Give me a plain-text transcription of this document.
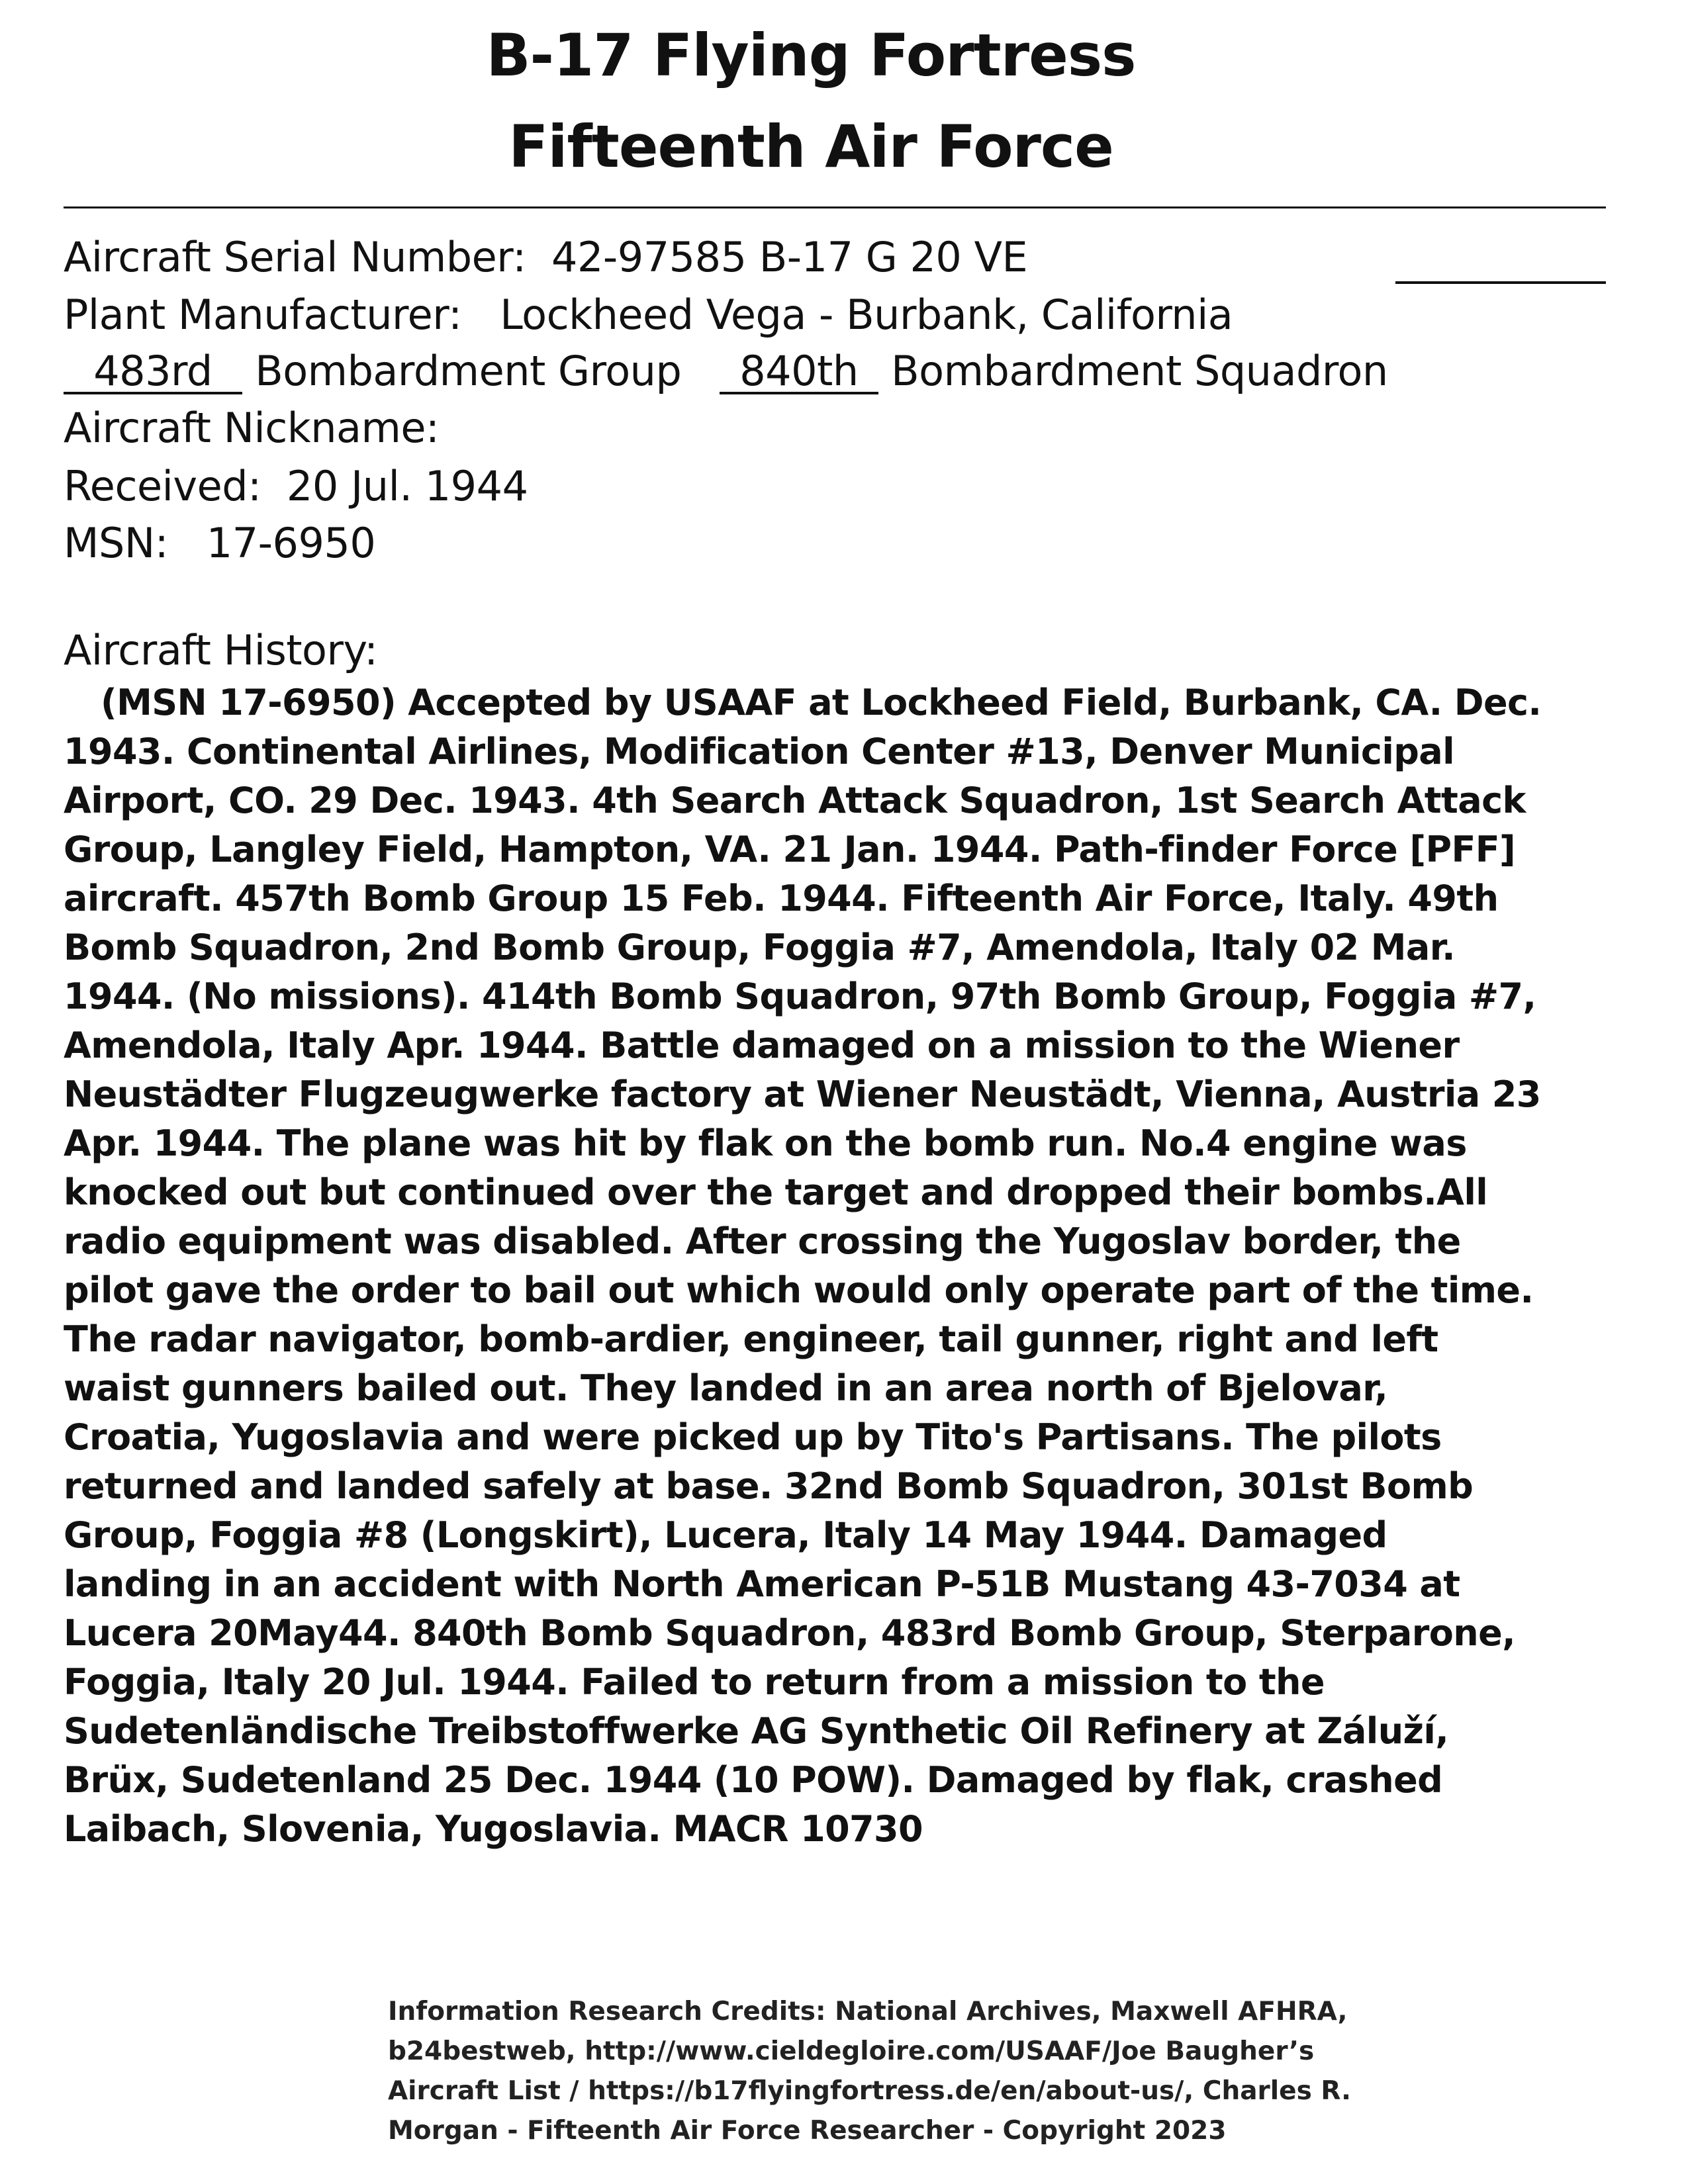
B-17 Flying Fortress
Fifteenth Air Force
Aircraft Serial Number: 42-97585 B-17 G 20 VE
Plant Manufacturer: Lockheed Vega - Burbank, California
483rd Bombardment Group 840th Bombardment Squadron
Aircraft Nickname:
Received: 20 Jul. 1944
MSN: 17-6950
Aircraft History:

(MSN 17-6950) Accepted by USAAF at Lockheed Field, Burbank, CA. Dec. 1943. Continental Airlines, Modification Center #13, Denver Municipal Airport, CO. 29 Dec. 1943. 4th Search Attack Squadron, 1st Search Attack Group, Langley Field, Hampton, VA. 21 Jan. 1944. Path-finder Force [PFF] aircraft. 457th Bomb Group 15 Feb. 1944. Fifteenth Air Force, Italy. 49th Bomb Squadron, 2nd Bomb Group, Foggia #7, Amendola, Italy 02 Mar. 1944. (No missions). 414th Bomb Squadron, 97th Bomb Group, Foggia #7, Amendola, Italy Apr. 1944. Battle damaged on a mission to the Wiener Neustädter Flugzeugwerke factory at Wiener Neustädt, Vienna, Austria 23 Apr. 1944. The plane was hit by flak on the bomb run. No.4 engine was knocked out but continued over the target and dropped their bombs.All radio equipment was disabled. After crossing the Yugoslav border, the pilot gave the order to bail out which would only operate part of the time. The radar navigator, bomb-ardier, engineer, tail gunner, right and left waist gunners bailed out. They landed in an area north of Bjelovar, Croatia, Yugoslavia and were picked up by Tito's Partisans. The pilots returned and landed safely at base. 32nd Bomb Squadron, 301st Bomb Group, Foggia #8 (Longskirt), Lucera, Italy 14 May 1944. Damaged landing in an accident with North American P-51B Mustang 43-7034 at Lucera 20May44. 840th Bomb Squadron, 483rd Bomb Group, Sterparone, Foggia, Italy 20 Jul. 1944. Failed to return from a mission to the Sudetenländische Treibstoffwerke AG Synthetic Oil Refinery at Záluží, Brüx, Sudetenland 25 Dec. 1944 (10 POW). Damaged by flak, crashed Laibach, Slovenia, Yugoslavia. MACR 10730

Information Research Credits: National Archives, Maxwell AFHRA, b24bestweb, http://www.cieldegloire.com/USAAF/Joe Baugher’s Aircraft List / https://b17flyingfortress.de/en/about-us/, Charles R. Morgan - Fifteenth Air Force Researcher - Copyright 2023
